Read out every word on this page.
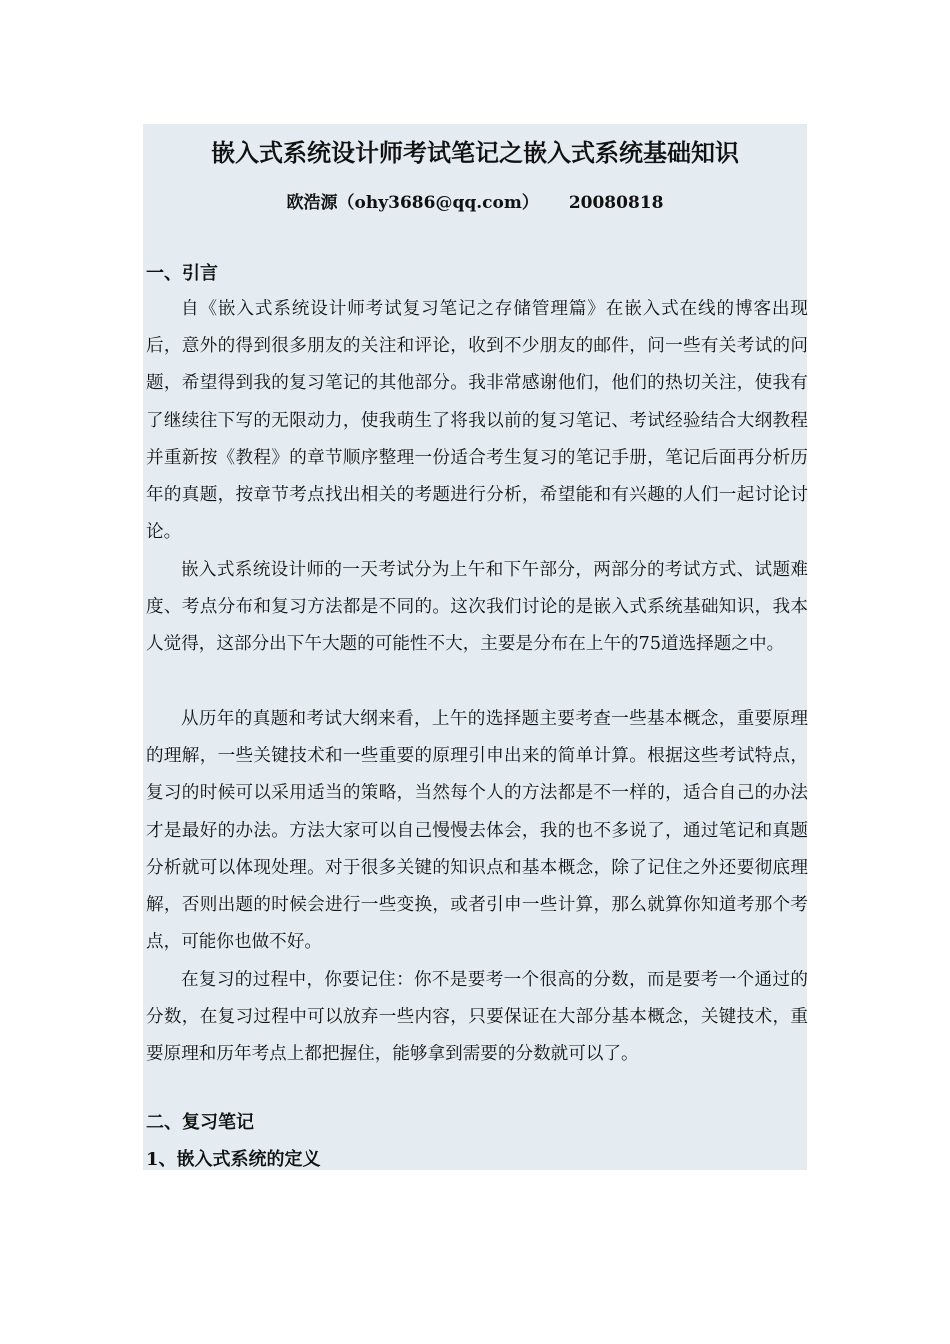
嵌入式系统设计师考试笔记之嵌入式系统基础知识
欧浩源（ohy3686@qq.com） 20080818
一、引言

自《嵌入式系统设计师考试复习笔记之存储管理篇》在嵌入式在线的博客出现后，意外的得到很多朋友的关注和评论，收到不少朋友的邮件，问一些有关考试的问题，希望得到我的复习笔记的其他部分。我非常感谢他们，他们的热切关注，使我有了继续往下写的无限动力，使我萌生了将我以前的复习笔记、考试经验结合大纲教程并重新按《教程》的章节顺序整理一份适合考生复习的笔记手册，笔记后面再分析历年的真题，按章节考点找出相关的考题进行分析，希望能和有兴趣的人们一起讨论讨论。

嵌入式系统设计师的一天考试分为上午和下午部分，两部分的考试方式、试题难度、考点分布和复习方法都是不同的。这次我们讨论的是嵌入式系统基础知识，我本人觉得，这部分出下午大题的可能性不大，主要是分布在上午的75道选择题之中。

从历年的真题和考试大纲来看，上午的选择题主要考查一些基本概念，重要原理的理解，一些关键技术和一些重要的原理引申出来的简单计算。根据这些考试特点，复习的时候可以采用适当的策略，当然每个人的方法都是不一样的，适合自己的办法才是最好的办法。方法大家可以自己慢慢去体会，我的也不多说了，通过笔记和真题分析就可以体现处理。对于很多关键的知识点和基本概念，除了记住之外还要彻底理解，否则出题的时候会进行一些变换，或者引申一些计算，那么就算你知道考那个考点，可能你也做不好。

在复习的过程中，你要记住：你不是要考一个很高的分数，而是要考一个通过的分数，在复习过程中可以放弃一些内容，只要保证在大部分基本概念，关键技术，重要原理和历年考点上都把握住，能够拿到需要的分数就可以了。

二、复习笔记
1、嵌入式系统的定义
